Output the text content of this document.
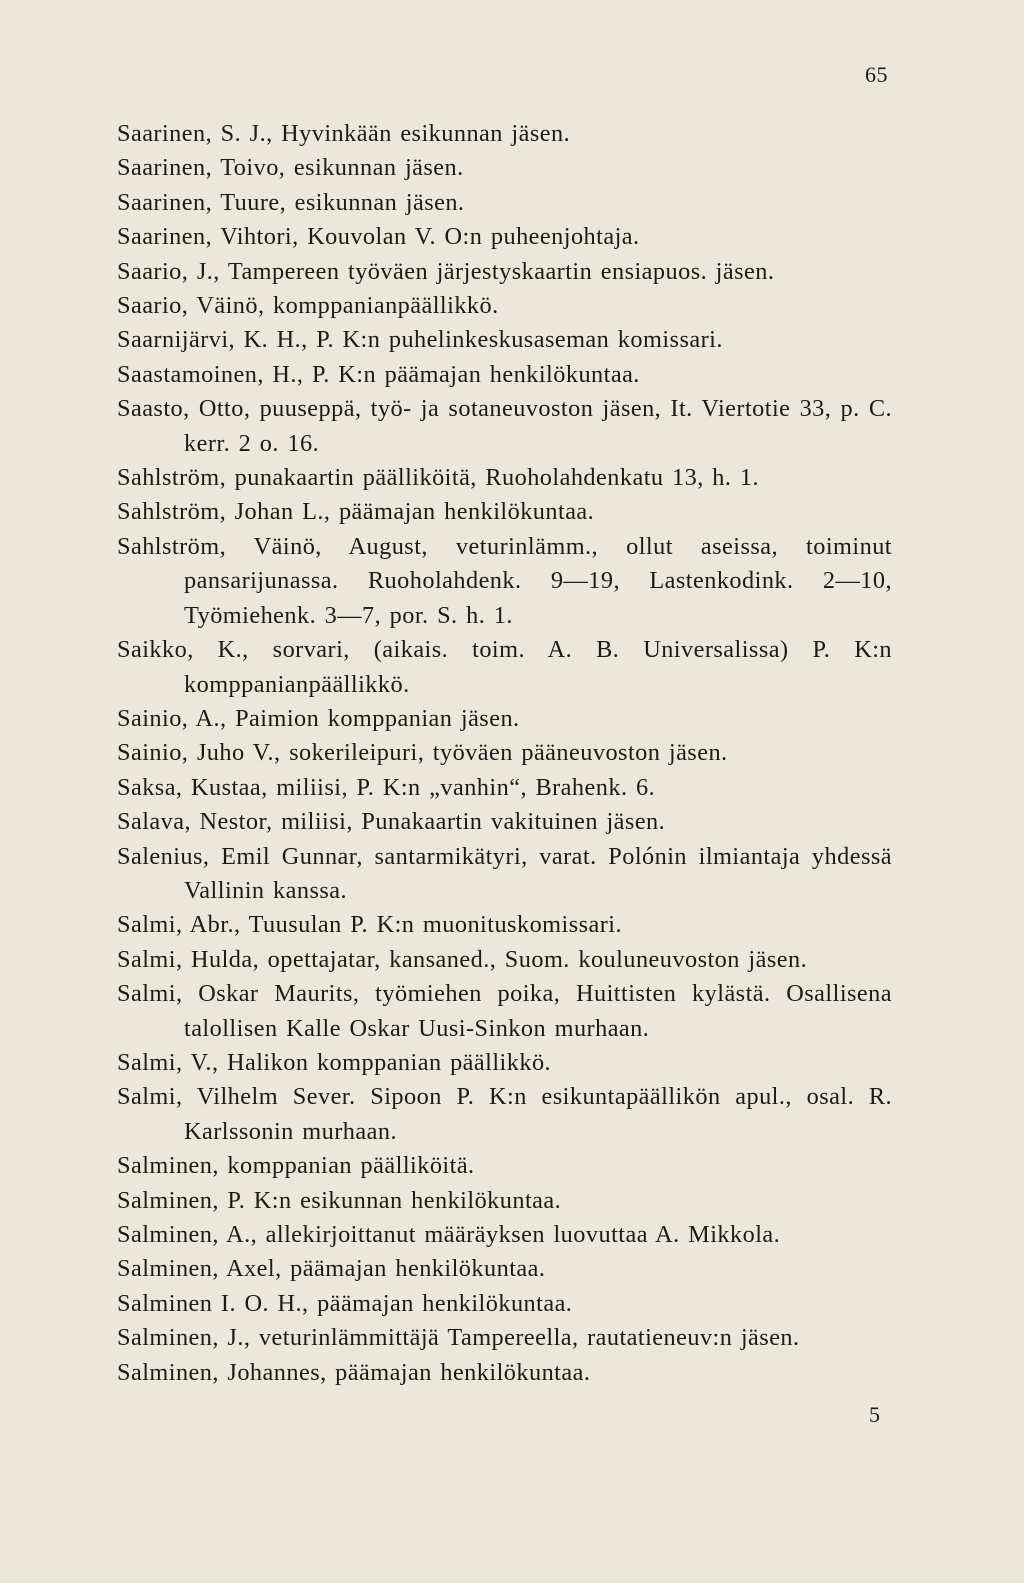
65

Saarinen, S. J., Hyvinkään esikunnan jäsen.

Saarinen, Toivo, esikunnan jäsen.

Saarinen, Tuure, esikunnan jäsen.

Saarinen, Vihtori, Kouvolan V. O:n puheenjohtaja.

Saario, J., Tampereen työväen järjestyskaartin ensiapuos. jäsen.

Saario, Väinö, komppanianpäällikkö.

Saarnijärvi, K. H., P. K:n puhelinkeskusaseman komissari.

Saastamoinen, H., P. K:n päämajan henkilökuntaa.

Saasto, Otto, puuseppä, työ- ja sotaneuvoston jäsen, It. Viertotie 33, p. C. kerr. 2 o. 16.

Sahlström, punakaartin päälliköitä, Ruoholahdenkatu 13, h. 1.

Sahlström, Johan L., päämajan henkilökuntaa.

Sahlström, Väinö, August, veturinlämm., ollut aseissa, toiminut pansarijunassa. Ruoholahdenk. 9—19, Lastenkodink. 2—10, Työmiehenk. 3—7, por. S. h. 1.

Saikko, K., sorvari, (aikais. toim. A. B. Universalissa) P. K:n komppanianpäällikkö.

Sainio, A., Paimion komppanian jäsen.

Sainio, Juho V., sokerileipuri, työväen pääneuvoston jäsen.

Saksa, Kustaa, miliisi, P. K:n „vanhin“, Brahenk. 6.

Salava, Nestor, miliisi, Punakaartin vakituinen jäsen.

Salenius, Emil Gunnar, santarmikätyri, varat. Polónin ilmiantaja yhdessä Vallinin kanssa.

Salmi, Abr., Tuusulan P. K:n muonituskomissari.

Salmi, Hulda, opettajatar, kansaned., Suom. kouluneuvoston jäsen.

Salmi, Oskar Maurits, työmiehen poika, Huittisten kylästä. Osallisena talollisen Kalle Oskar Uusi-Sinkon murhaan.

Salmi, V., Halikon komppanian päällikkö.

Salmi, Vilhelm Sever. Sipoon P. K:n esikuntapäällikön apul., osal. R. Karlssonin murhaan.

Salminen, komppanian päälliköitä.

Salminen, P. K:n esikunnan henkilökuntaa.

Salminen, A., allekirjoittanut määräyksen luovuttaa A. Mikkola.

Salminen, Axel, päämajan henkilökuntaa.

Salminen I. O. H., päämajan henkilökuntaa.

Salminen, J., veturinlämmittäjä Tampereella, rautatieneuv:n jäsen.

Salminen, Johannes, päämajan henkilökuntaa.

5
